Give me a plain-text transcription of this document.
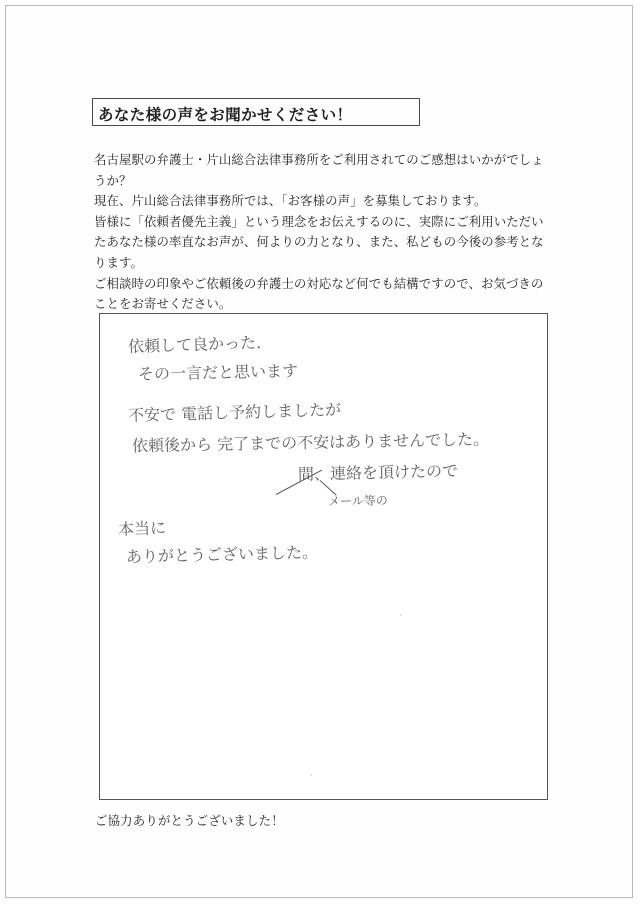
あなた様の声をお聞かせください！

名古屋駅の弁護士・片山総合法律事務所をご利用されてのご感想はいかがでしょうか？

現在、片山総合法律事務所では、「お客様の声」を募集しております。

皆様に「依頼者優先主義」という理念をお伝えするのに、実際にご利用いただいたあなた様の率直なお声が、何よりの力となり、また、私どもの今後の参考となります。

ご相談時の印象やご依頼後の弁護士の対応など何でも結構ですので、お気づきのことをお寄せください。

依頼して良かった.
その一言だと思います
不安で 電話し予約しましたが
依頼後から 完了までの不安はありませんでした。
間、連絡を頂けたので
メール等の
本当に
ありがとうございました。
ご協力ありがとうございました！
